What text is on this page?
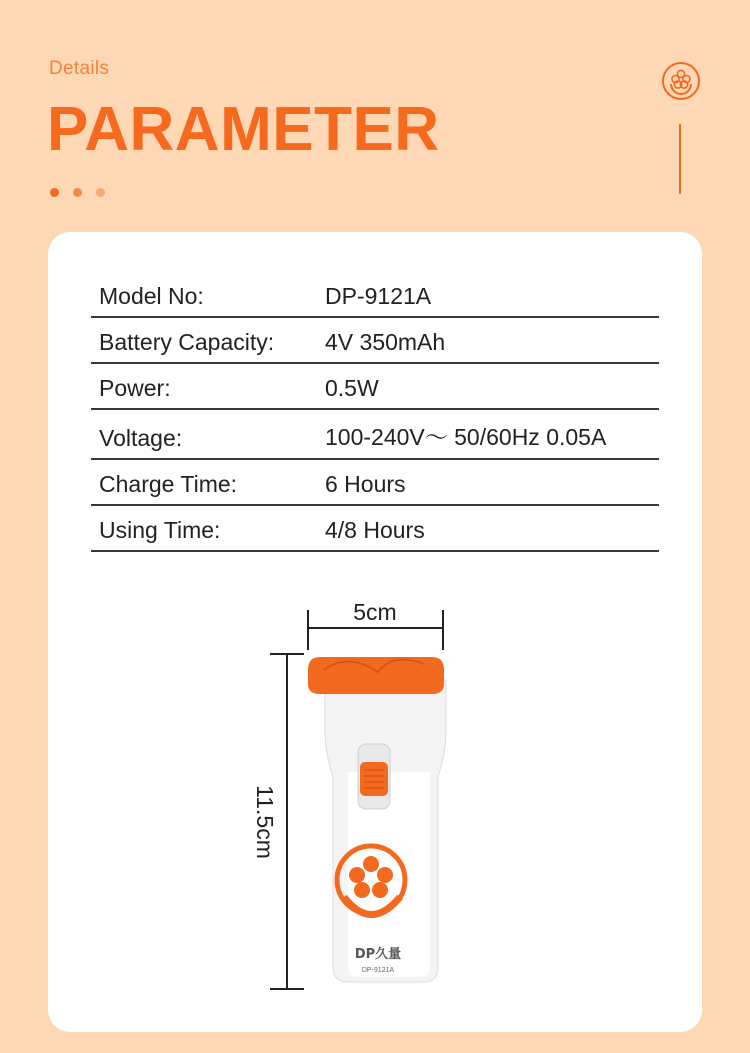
Details
PARAMETER
Model No:	DP-9121A
Battery Capacity: 4V 350mAh
Power:	0.5W
Voltage:	100-240V〜 50/60Hz 0.05A
Charge Time:	6 Hours
Using Time:	4/8 Hours
5cm
11.5cm
DP久量
DP-9121A
